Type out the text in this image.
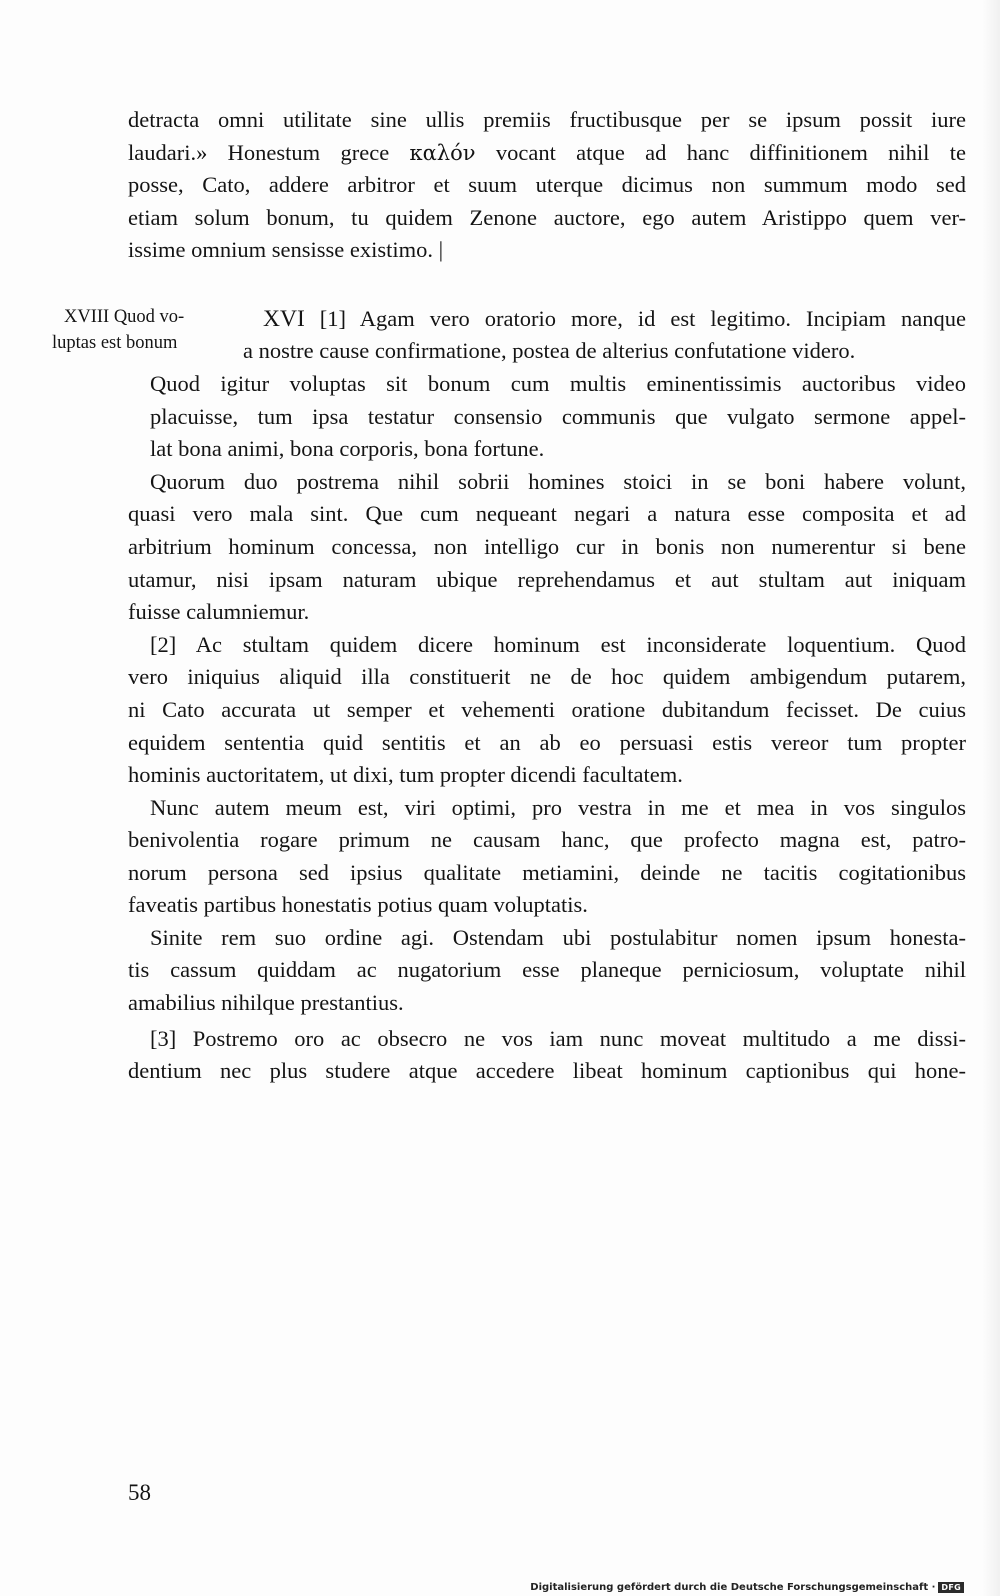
detracta omni utilitate sine ullis premiis fructibusque per se ipsum possit iure
laudari.» Honestum grece καλόν vocant atque ad hanc diffinitionem nihil te
posse, Cato, addere arbitror et suum uterque dicimus non summum modo sed
etiam solum bonum, tu quidem Zenone auctore, ego autem Aristippo quem ver-
issime omnium sensisse existimo. |
XVIII Quod vo-
luptas est bonum
XVI [1] Agam vero oratorio more, id est legitimo. Incipiam nanque
a nostre cause confirmatione, postea de alterius confutatione videro.
Quod igitur voluptas sit bonum cum multis eminentissimis auctoribus video
placuisse, tum ipsa testatur consensio communis que vulgato sermone appel-
lat bona animi, bona corporis, bona fortune.
Quorum duo postrema nihil sobrii homines stoici in se boni habere volunt,
quasi vero mala sint. Que cum nequeant negari a natura esse composita et ad
arbitrium hominum concessa, non intelligo cur in bonis non numerentur si bene
utamur, nisi ipsam naturam ubique reprehendamus et aut stultam aut iniquam
fuisse calumniemur.
[2] Ac stultam quidem dicere hominum est inconsiderate loquentium. Quod
vero iniquius aliquid illa constituerit ne de hoc quidem ambigendum putarem,
ni Cato accurata ut semper et vehementi oratione dubitandum fecisset. De cuius
equidem sententia quid sentitis et an ab eo persuasi estis vereor tum propter
hominis auctoritatem, ut dixi, tum propter dicendi facultatem.
Nunc autem meum est, viri optimi, pro vestra in me et mea in vos singulos
benivolentia rogare primum ne causam hanc, que profecto magna est, patro-
norum persona sed ipsius qualitate metiamini, deinde ne tacitis cogitationibus
faveatis partibus honestatis potius quam voluptatis.
Sinite rem suo ordine agi. Ostendam ubi postulabitur nomen ipsum honesta-
tis cassum quiddam ac nugatorium esse planeque perniciosum, voluptate nihil
amabilius nihilque prestantius.
[3] Postremo oro ac obsecro ne vos iam nunc moveat multitudo a me dissi-
dentium nec plus studere atque accedere libeat hominum captionibus qui hone-
58
Digitalisierung gefördert durch die Deutsche Forschungsgemeinschaft · DFG
